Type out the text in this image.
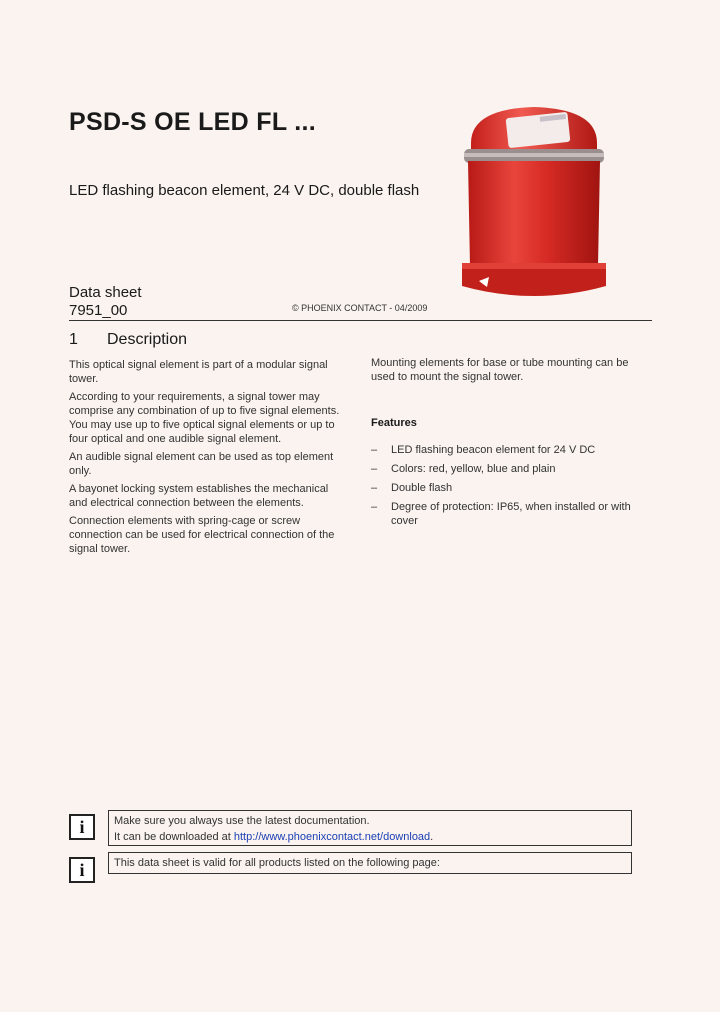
PSD-S OE LED FL ...
LED flashing beacon element, 24 V DC, double flash
Data sheet
7951_00	© PHOENIX CONTACT - 04/2009
1 Description

This optical signal element is part of a modular signal tower.

According to your requirements, a signal tower may comprise any combination of up to five signal elements. You may use up to five optical signal elements or up to four optical and one audible signal element.

An audible signal element can be used as top element only.

A bayonet locking system establishes the mechanical and electrical connection between the elements.

Connection elements with spring-cage or screw connection can be used for electrical connection of the signal tower.

Mounting elements for base or tube mounting can be used to mount the signal tower.

Features

– LED flashing beacon element for 24 V DC
– Colors: red, yellow, blue and plain
– Double flash
– Degree of protection: IP65, when installed or with cover
i	Make sure you always use the latest documentation.
It can be downloaded at http://www.phoenixcontact.net/download.
i	This data sheet is valid for all products listed on the following page:
